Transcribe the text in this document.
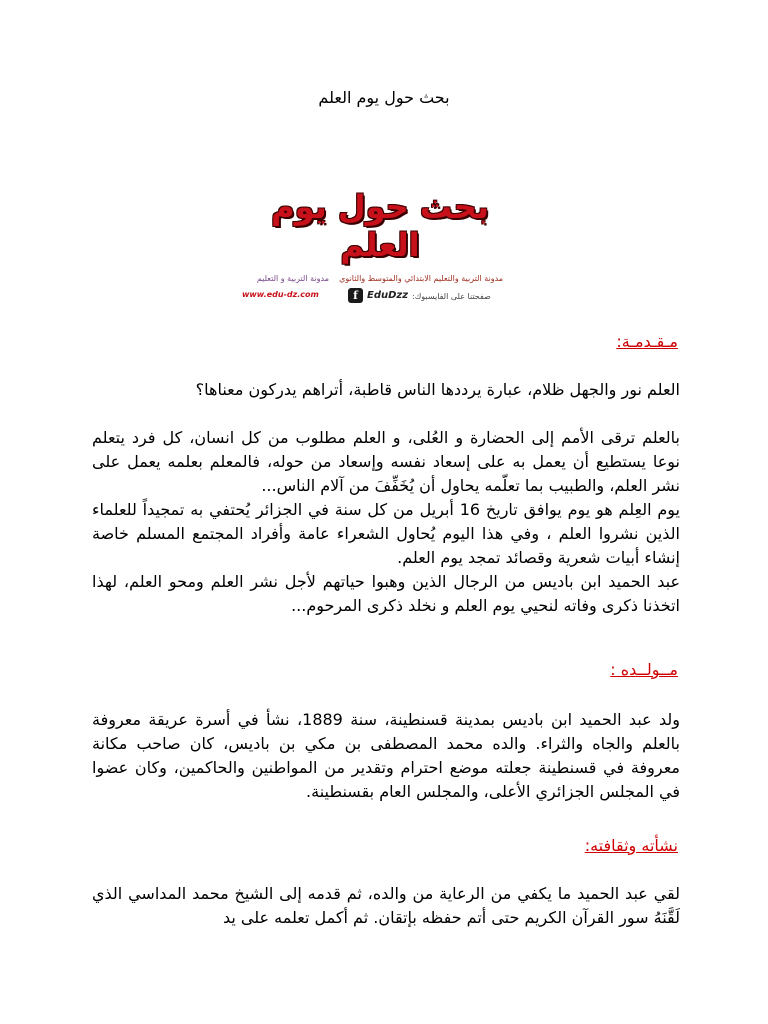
بحث حول يوم العلم
بحث حول يوم العلم
مدونة التربية والتعليم الابتدائي والمتوسط والثانوي    مدونة التربية و التعليم
www.edu-dz.com	f EduDzz صفحتنا على الفايسبوك:
مـقـدمـة:

العلم نور والجهل ظلام، عبارة يرددها الناس قاطبة، أتراهم يدركون معناها؟

بالعلم ترقى الأمم إلى الحضارة و العُلى، و العلم مطلوب من كل انسان، كل فرد يتعلم نوعا يستطيع أن يعمل به على إسعاد نفسه وإسعاد من حوله، فالمعلم بعلمه يعمل على نشر العلم، والطبيب بما تعلّمه يحاول أن يُخَفِّفَ من آلام الناس...

يوم العِلم هو يوم يوافق تاريخ 16 أبريل من كل سنة في الجزائر يُحتفي به تمجيداً للعلماء الذين نشروا العلم ، وفي هذا اليوم يُحاول الشعراء عامة وأفراد المجتمع المسلم خاصة إنشاء أبيات شعرية وقصائد تمجد يوم العلم.

عبد الحميد ابن باديس من الرجال الذين وهبوا حياتهم لأجل نشر العلم ومحو العلم، لهذا اتخذنا ذكرى وفاته لنحيي يوم العلم و نخلد ذكرى المرحوم...

مــولــده :

ولد عبد الحميد ابن باديس بمدينة قسنطينة، سنة 1889، نشأ في أسرة عريقة معروفة بالعلم والجاه والثراء. والده محمد المصطفى بن مكي بن باديس، كان صاحب مكانة معروفة في قسنطينة جعلته موضع احترام وتقدير من المواطنين والحاكمين، وكان عضوا في المجلس الجزائري الأعلى، والمجلس العام بقسنطينة.

نشأته وثقافته:

لقي عبد الحميد ما يكفي من الرعاية من والده، ثم قدمه إلى الشيخ محمد المداسي الذي لَقَّنَهُ سور القرآن الكريم حتى أتم حفظه بإتقان. ثم أكمل تعلمه على يد
